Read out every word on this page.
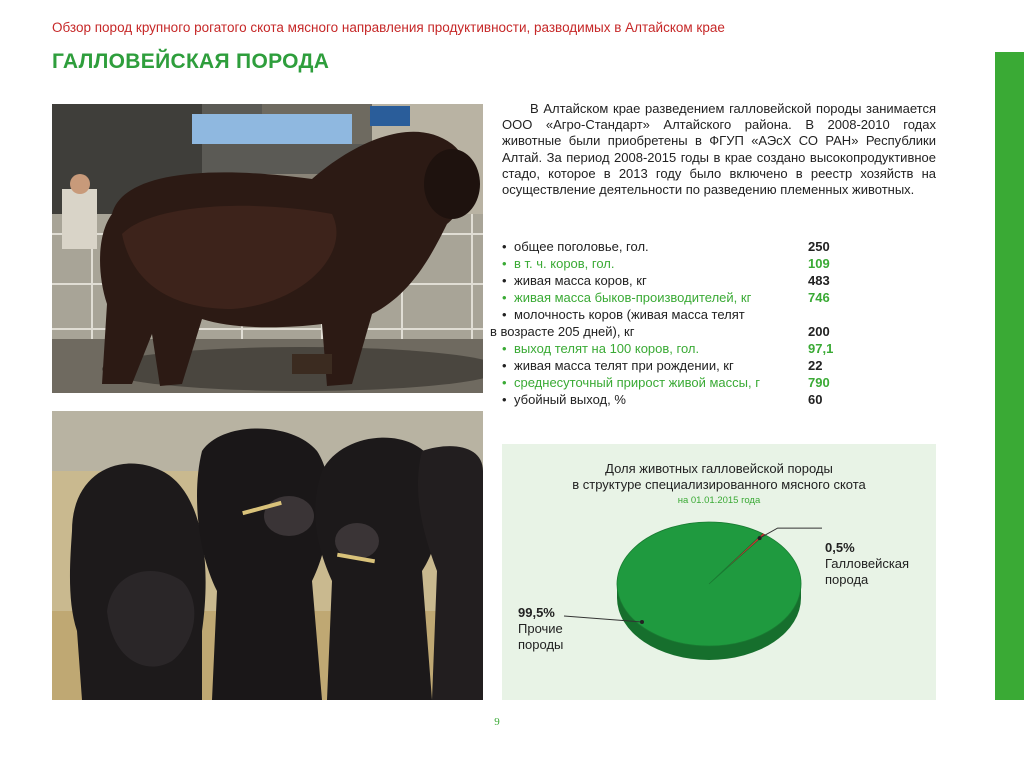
Обзор пород крупного рогатого скота мясного направления продуктивности, разводимых в Алтайском крае
ГАЛЛОВЕЙСКАЯ ПОРОДА

В Алтайском крае разведением галловейской породы занимается ООО «Агро-Стандарт» Алтайского района. В 2008-2010 годах животные были приобретены в ФГУП «АЭсХ СО РАН» Республики Алтай. За период 2008-2015 годы в крае создано высокопродуктивное стадо, которое в 2013 году было включено в реестр хозяйств на осуществление деятельности по разведению племенных животных.

• общее поголовье, гол.	250
• в т. ч. коров, гол.	109
• живая масса коров, кг	483
• живая масса быков-производителей, кг	746
• молочность коров (живая масса телят
в возрасте 205 дней), кг	200
• выход телят на 100 коров, гол.	97,1
• живая масса телят при рождении, кг	22
• среднесуточный прирост живой массы, г	790
• убойный выход, %	60
Доля животных галловейской породы
в структуре специализированного мясного скота
на 01.01.2015 года
0,5%
Галловейская
порода
99,5%
Прочие
породы
9
